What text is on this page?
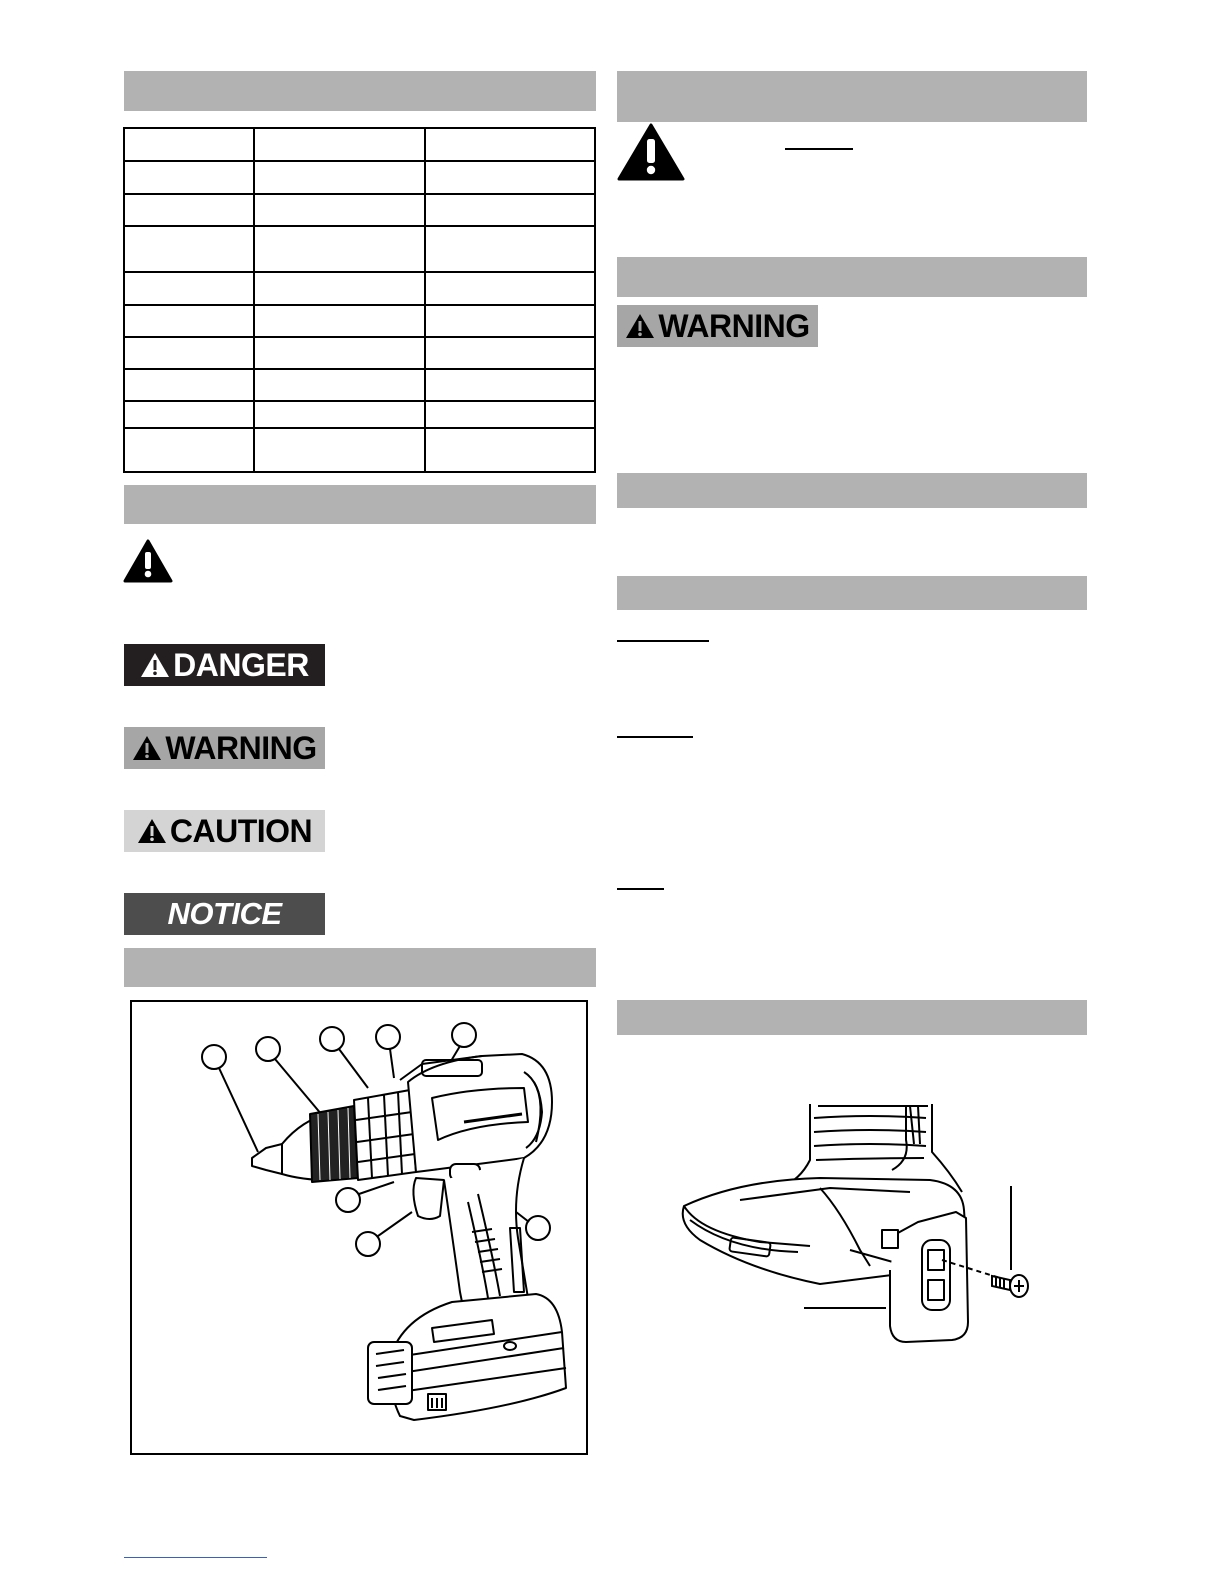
DANGER
WARNING
CAUTION
NOTICE
WARNING
